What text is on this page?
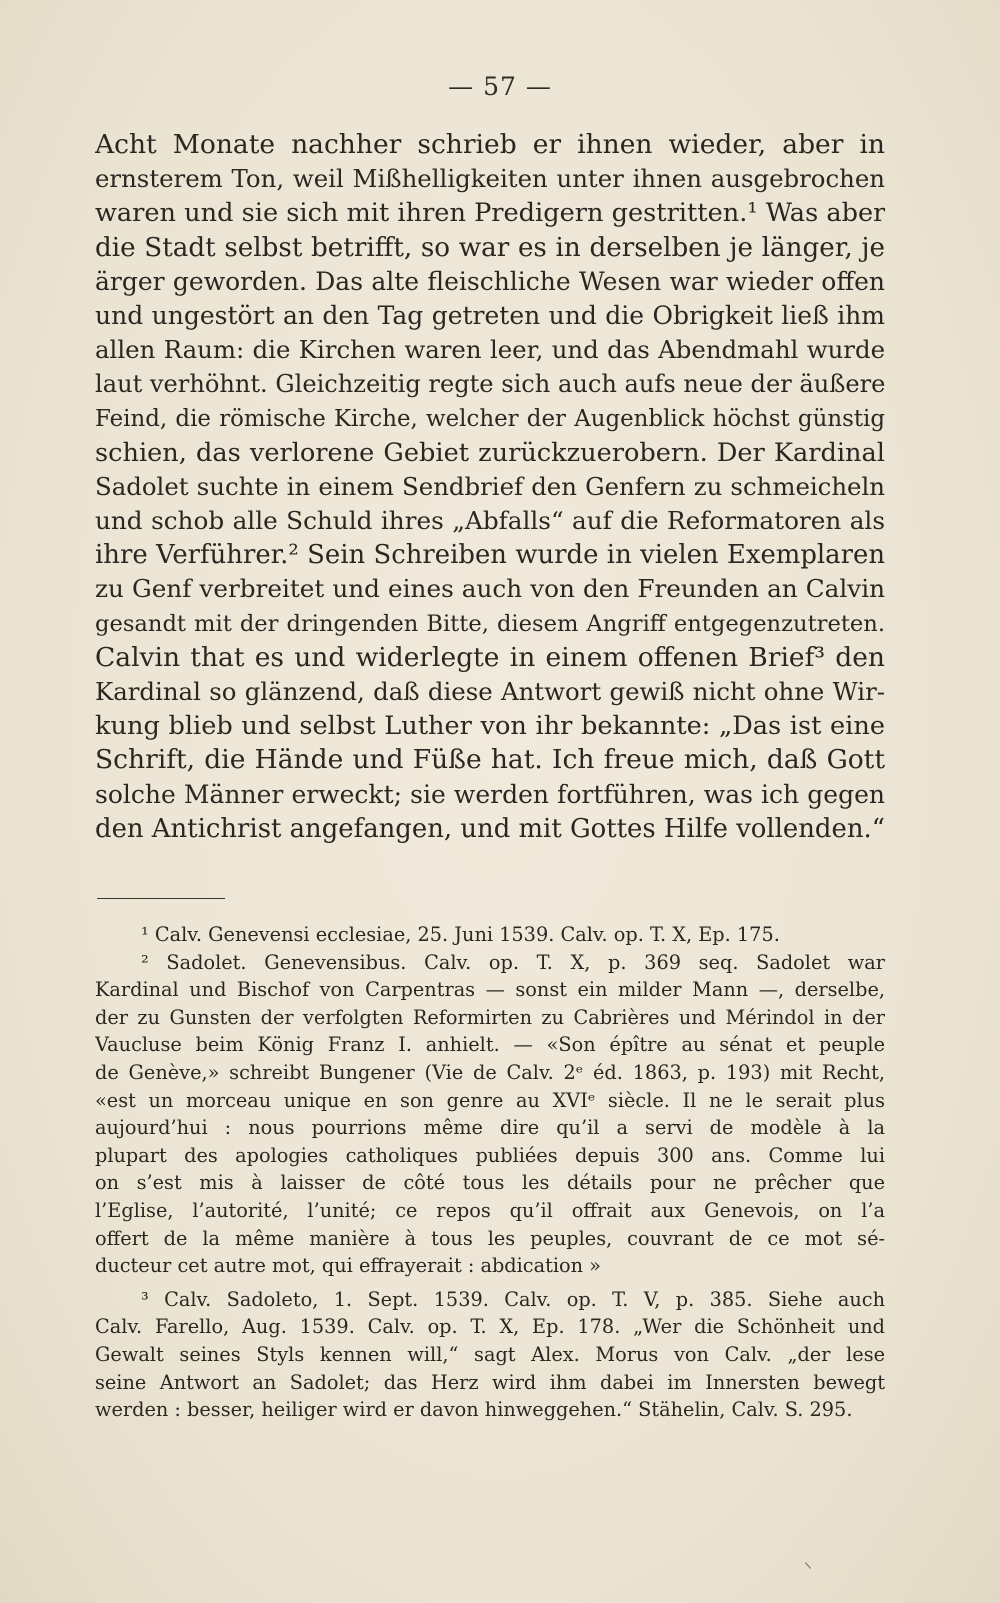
— 57 —
Acht Monate nachher schrieb er ihnen wieder, aber in
ernsterem Ton, weil Mißhelligkeiten unter ihnen ausgebrochen
waren und sie sich mit ihren Predigern gestritten.¹ Was aber
die Stadt selbst betrifft, so war es in derselben je länger, je
ärger geworden. Das alte fleischliche Wesen war wieder offen
und ungestört an den Tag getreten und die Obrigkeit ließ ihm
allen Raum: die Kirchen waren leer, und das Abendmahl wurde
laut verhöhnt. Gleichzeitig regte sich auch aufs neue der äußere
Feind, die römische Kirche, welcher der Augenblick höchst günstig
schien, das verlorene Gebiet zurückzuerobern. Der Kardinal
Sadolet suchte in einem Sendbrief den Genfern zu schmeicheln
und schob alle Schuld ihres „Abfalls“ auf die Reformatoren als
ihre Verführer.² Sein Schreiben wurde in vielen Exemplaren
zu Genf verbreitet und eines auch von den Freunden an Calvin
gesandt mit der dringenden Bitte, diesem Angriff entgegenzutreten.
Calvin that es und widerlegte in einem offenen Brief³ den
Kardinal so glänzend, daß diese Antwort gewiß nicht ohne Wir-
kung blieb und selbst Luther von ihr bekannte: „Das ist eine
Schrift, die Hände und Füße hat. Ich freue mich, daß Gott
solche Männer erweckt; sie werden fortführen, was ich gegen
den Antichrist angefangen, und mit Gottes Hilfe vollenden.“
¹ Calv. Genevensi ecclesiae, 25. Juni 1539. Calv. op. T. X, Ep. 175.
² Sadolet. Genevensibus. Calv. op. T. X, p. 369 seq. Sadolet war
Kardinal und Bischof von Carpentras — sonst ein milder Mann —, derselbe,
der zu Gunsten der verfolgten Reformirten zu Cabrières und Mérindol in der
Vaucluse beim König Franz I. anhielt. — «Son épître au sénat et peuple
de Genève,» schreibt Bungener (Vie de Calv. 2ᵉ éd. 1863, p. 193) mit Recht,
«est un morceau unique en son genre au XVIᵉ siècle. Il ne le serait plus
aujourd’hui : nous pourrions même dire qu’il a servi de modèle à la
plupart des apologies catholiques publiées depuis 300 ans. Comme lui
on s’est mis à laisser de côté tous les détails pour ne prêcher que
l’Eglise, l’autorité, l’unité; ce repos qu’il offrait aux Genevois, on l’a
offert de la même manière à tous les peuples, couvrant de ce mot sé-
ducteur cet autre mot, qui effrayerait : abdication »
³ Calv. Sadoleto, 1. Sept. 1539. Calv. op. T. V, p. 385. Siehe auch
Calv. Farello, Aug. 1539. Calv. op. T. X, Ep. 178. „Wer die Schönheit und
Gewalt seines Styls kennen will,“ sagt Alex. Morus von Calv. „der lese
seine Antwort an Sadolet; das Herz wird ihm dabei im Innersten bewegt
werden : besser, heiliger wird er davon hinweggehen.“ Stähelin, Calv. S. 295.
